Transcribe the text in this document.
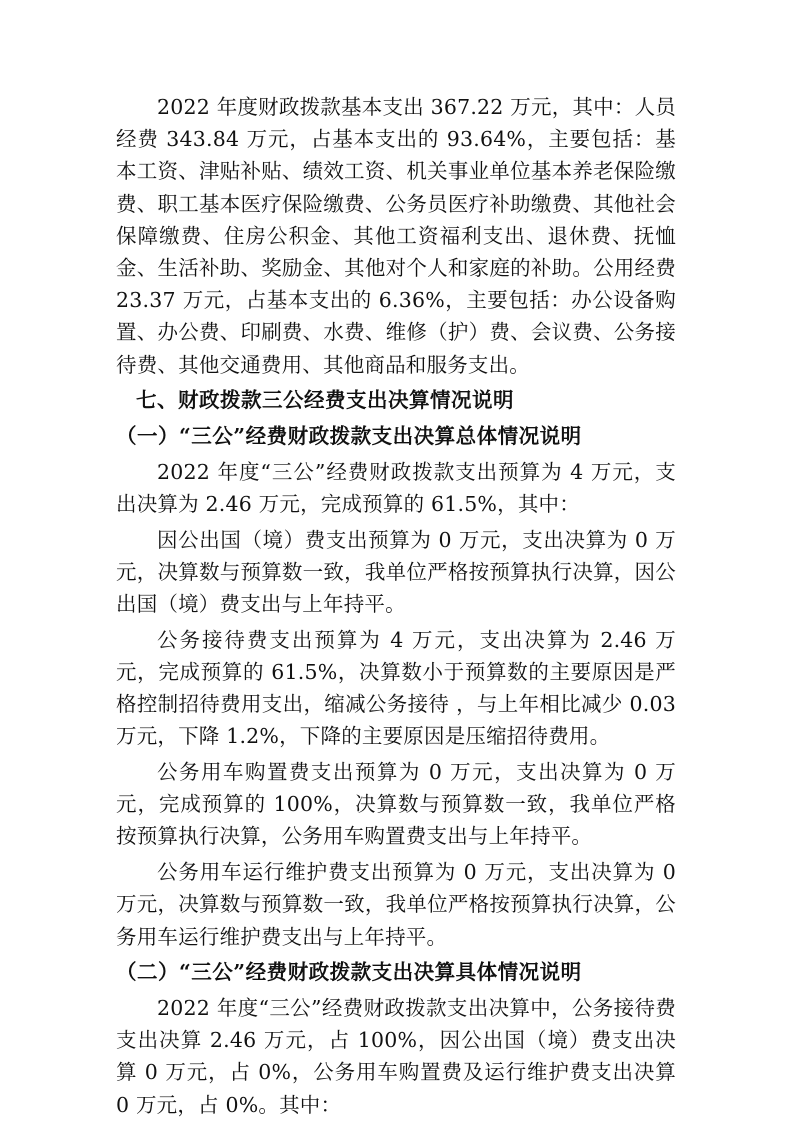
2022 年度财政拨款基本支出 367.22 万元，其中：人员经费 343.84 万元，占基本支出的 93.64%，主要包括：基本工资、津贴补贴、绩效工资、机关事业单位基本养老保险缴费、职工基本医疗保险缴费、公务员医疗补助缴费、其他社会保障缴费、住房公积金、其他工资福利支出、退休费、抚恤金、生活补助、奖励金、其他对个人和家庭的补助。公用经费 23.37 万元，占基本支出的 6.36%，主要包括：办公设备购置、办公费、印刷费、水费、维修（护）费、会议费、公务接待费、其他交通费用、其他商品和服务支出。

七、财政拨款三公经费支出决算情况说明

（一）“三公”经费财政拨款支出决算总体情况说明

2022 年度“三公”经费财政拨款支出预算为 4 万元，支出决算为 2.46 万元，完成预算的 61.5%，其中：

因公出国（境）费支出预算为 0 万元，支出决算为 0 万元，决算数与预算数一致，我单位严格按预算执行决算，因公出国（境）费支出与上年持平。

公务接待费支出预算为 4 万元，支出决算为 2.46 万元，完成预算的 61.5%，决算数小于预算数的主要原因是严格控制招待费用支出，缩减公务接待 ，与上年相比减少 0.03 万元，下降 1.2%，下降的主要原因是压缩招待费用。

公务用车购置费支出预算为 0 万元，支出决算为 0 万元，完成预算的 100%，决算数与预算数一致，我单位严格按预算执行决算，公务用车购置费支出与上年持平。

公务用车运行维护费支出预算为 0 万元，支出决算为 0 万元，决算数与预算数一致，我单位严格按预算执行决算，公务用车运行维护费支出与上年持平。

（二）“三公”经费财政拨款支出决算具体情况说明

2022 年度“三公”经费财政拨款支出决算中，公务接待费支出决算 2.46 万元，占 100%，因公出国（境）费支出决算 0 万元，占 0%，公务用车购置费及运行维护费支出决算 0 万元，占 0%。其中：
